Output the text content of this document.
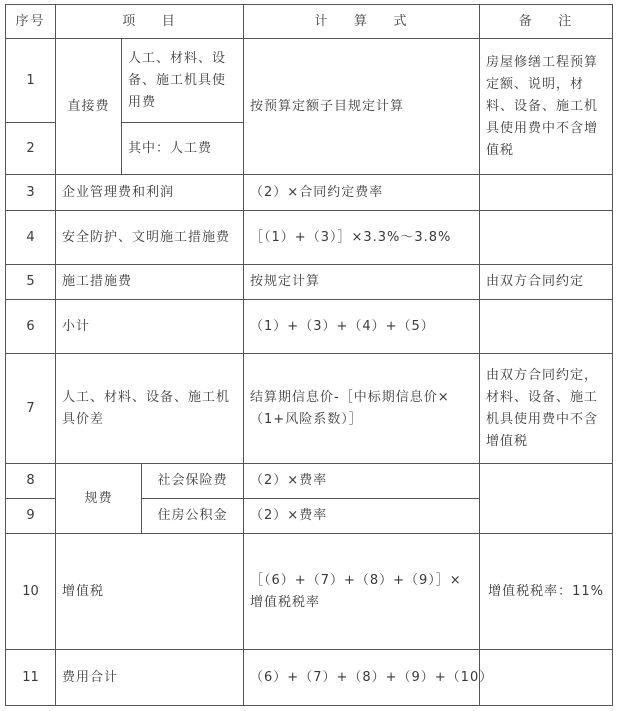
序号	项    目			计    算    式	备    注
1	直接费	人工、材料、设备、施工机具使用费		按预算定额子目规定计算	房屋修缮工程预算定额、说明，材料、设备、施工机具使用费中不含增值税
2		其中：人工费			
3	企业管理费和利润			（2）×合同约定费率	
4	安全防护、文明施工措施费			［（1）+（3）］×3.3%～3.8%	
5	施工措施费			按规定计算	由双方合同约定
6	小计			（1）+（3）+（4）+（5）	
7	人工、材料、设备、施工机具价差			结算期信息价-［中标期信息价×（1+风险系数）］	由双方合同约定，材料、设备、施工机具使用费中不含增值税
8	规费		社会保险费	（2）×费率	
9			住房公积金	（2）×费率	
10	增值税			［（6）+（7）+（8）+（9）］×增值税税率	增值税税率：11%
11	费用合计			（6）+（7）+（8）+（9）+（10）	
